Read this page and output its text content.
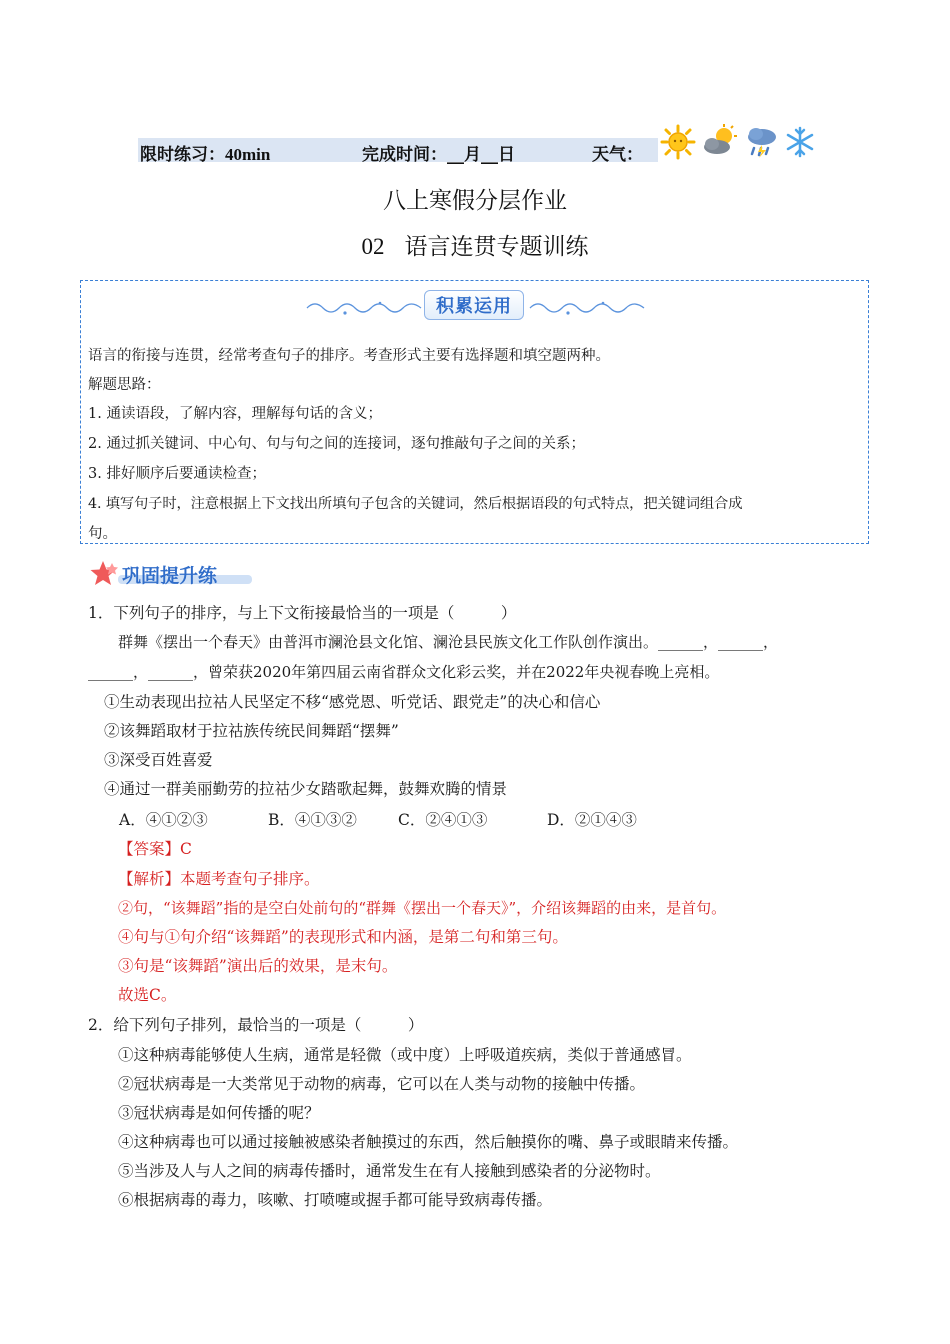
限时练习：40min	完成时间：__月__日	天气：
八上寒假分层作业
02 语言连贯专题训练
积累运用
语言的衔接与连贯，经常考查句子的排序。考查形式主要有选择题和填空题两种。
解题思路：
1. 通读语段，了解内容，理解每句话的含义；
2. 通过抓关键词、中心句、句与句之间的连接词，逐句推敲句子之间的关系；
3. 排好顺序后要通读检查；
4. 填写句子时，注意根据上下文找出所填句子包含的关键词，然后根据语段的句式特点，把关键词组合成
句。
巩固提升练
1．下列句子的排序，与上下文衔接最恰当的一项是（　　　）
群舞《摆出一个春天》由普洱市澜沧县文化馆、澜沧县民族文化工作队创作演出。______，______，
______，______，曾荣获2020年第四届云南省群众文化彩云奖，并在2022年央视春晚上亮相。
①生动表现出拉祜人民坚定不移“感党恩、听党话、跟党走”的决心和信心
②该舞蹈取材于拉祜族传统民间舞蹈“摆舞”
③深受百姓喜爱
④通过一群美丽勤劳的拉祜少女踏歌起舞，鼓舞欢腾的情景
A．④①②③	B．④①③②	C．②④①③	D．②①④③
【答案】C
【解析】本题考查句子排序。
②句，“该舞蹈”指的是空白处前句的“群舞《摆出一个春天》”，介绍该舞蹈的由来，是首句。
④句与①句介绍“该舞蹈”的表现形式和内涵，是第二句和第三句。
③句是“该舞蹈”演出后的效果，是末句。
故选C。
2．给下列句子排列，最恰当的一项是（　　　）
①这种病毒能够使人生病，通常是轻微（或中度）上呼吸道疾病，类似于普通感冒。
②冠状病毒是一大类常见于动物的病毒，它可以在人类与动物的接触中传播。
③冠状病毒是如何传播的呢？
④这种病毒也可以通过接触被感染者触摸过的东西，然后触摸你的嘴、鼻子或眼睛来传播。
⑤当涉及人与人之间的病毒传播时，通常发生在有人接触到感染者的分泌物时。
⑥根据病毒的毒力，咳嗽、打喷嚏或握手都可能导致病毒传播。
